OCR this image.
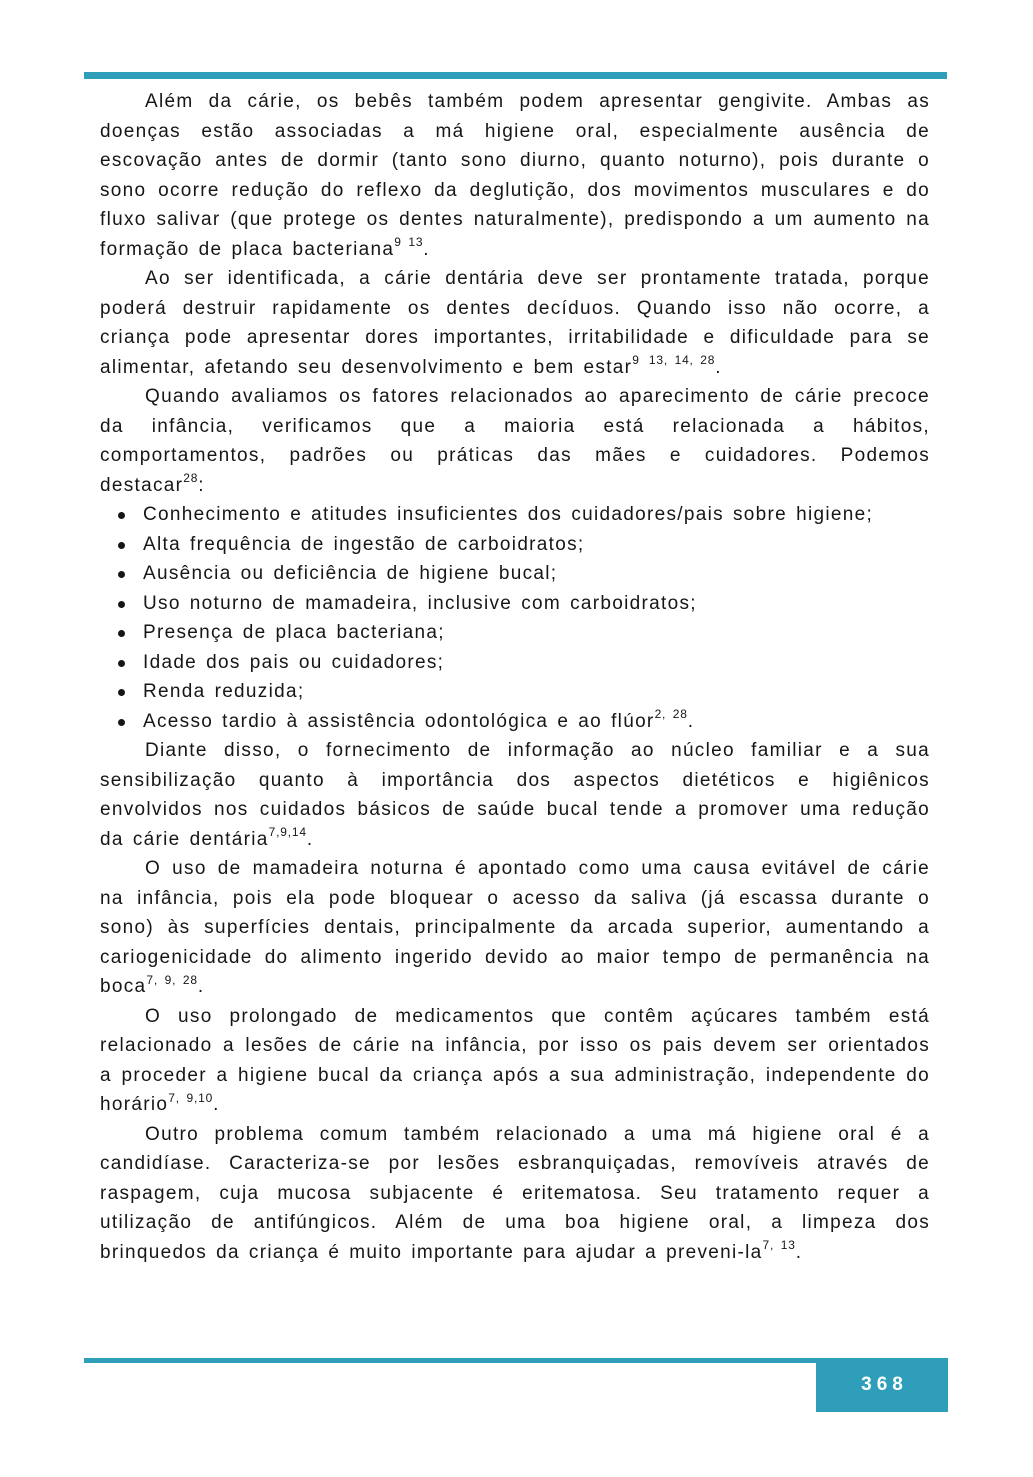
Além da cárie, os bebês também podem apresentar gengivite. Ambas as doenças estão associadas a má higiene oral, especialmente ausência de escovação antes de dormir (tanto sono diurno, quanto noturno), pois durante o sono ocorre redução do reflexo da deglutição, dos movimentos musculares e do fluxo salivar (que protege os dentes naturalmente), predispondo a um aumento na formação de placa bacteriana$^{9 13}$.

Ao ser identificada, a cárie dentária deve ser prontamente tratada, porque poderá destruir rapidamente os dentes decíduos. Quando isso não ocorre, a criança pode apresentar dores importantes, irritabilidade e dificuldade para se alimentar, afetando seu desenvolvimento e bem estar$^9$ $^{13, 14, 28}$.

Quando avaliamos os fatores relacionados ao aparecimento de cárie precoce da infância, verificamos que a maioria está relacionada a hábitos, comportamentos, padrões ou práticas das mães e cuidadores. Podemos destacar$^{28}$:

Conhecimento e atitudes insuficientes dos cuidadores/pais sobre higiene;
Alta frequência de ingestão de carboidratos;
Ausência ou deficiência de higiene bucal;
Uso noturno de mamadeira, inclusive com carboidratos;
Presença de placa bacteriana;
Idade dos pais ou cuidadores;
Renda reduzida;
Acesso tardio à assistência odontológica e ao flúor$^{2, 28}$.

Diante disso, o fornecimento de informação ao núcleo familiar e a sua sensibilização quanto à importância dos aspectos dietéticos e higiênicos envolvidos nos cuidados básicos de saúde bucal tende a promover uma redução da cárie dentária$^{7,9,14}$.

O uso de mamadeira noturna é apontado como uma causa evitável de cárie na infância, pois ela pode bloquear o acesso da saliva (já escassa durante o sono) às superfícies dentais, principalmente da arcada superior, aumentando a cariogenicidade do alimento ingerido devido ao maior tempo de permanência na boca$^{7, 9, 28}$.

O uso prolongado de medicamentos que contêm açúcares também está relacionado a lesões de cárie na infância, por isso os pais devem ser orientados a proceder a higiene bucal da criança após a sua administração, independente do horário$^{7, 9,10}$.

Outro problema comum também relacionado a uma má higiene oral é a candidíase. Caracteriza-se por lesões esbranquiçadas, removíveis através de raspagem, cuja mucosa subjacente é eritematosa. Seu tratamento requer a utilização de antifúngicos. Além de uma boa higiene oral, a limpeza dos brinquedos da criança é muito importante para ajudar a preveni-la$^{7, 13}$.

368
